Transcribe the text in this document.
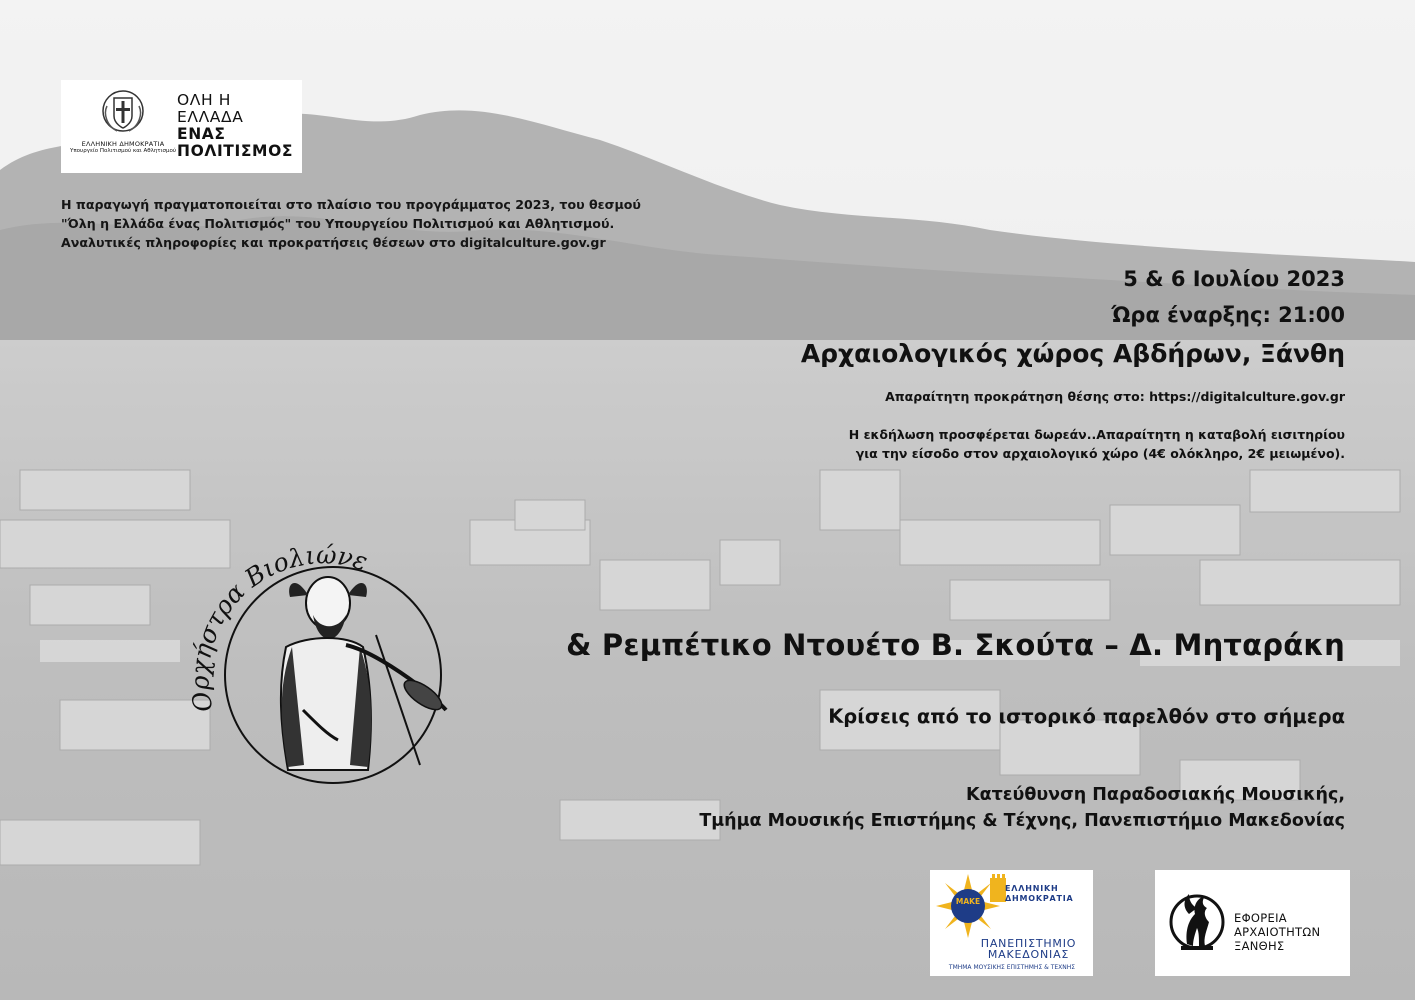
ΕΛΛΗΝΙΚΗ ΔΗΜΟΚΡΑΤΙΑ
Υπουργείο Πολιτισμού και Αθλητισμού
ΟΛΗ Η
ΕΛΛΑΔΑ
ΕΝΑΣ
ΠΟΛΙΤΙΣΜΟΣ
Η παραγωγή πραγματοποιείται στο πλαίσιο του προγράμματος 2023, του θεσμού
"Όλη η Ελλάδα ένας Πολιτισμός" του Υπουργείου Πολιτισμού και Αθλητισμού.
Αναλυτικές πληροφορίες και προκρατήσεις θέσεων στο digitalculture.gov.gr
5 & 6 Ιουλίου 2023
Ώρα έναρξης: 21:00
Αρχαιολογικός χώρος Αβδήρων, Ξάνθη
Απαραίτητη προκράτηση θέσης στο: https://digitalculture.gov.gr
Η εκδήλωση προσφέρεται δωρεάν..Απαραίτητη η καταβολή εισιτηρίου
για την είσοδο στον αρχαιολογικό χώρο (4€ ολόκληρο, 2€ μειωμένο).
Ορχήστρα Βιολιώνε
& Ρεμπέτικο Ντουέτο Β. Σκούτα – Δ. Μηταράκη
Κρίσεις από το ιστορικό παρελθόν στο σήμερα
Κατεύθυνση Παραδοσιακής Μουσικής,
Τμήμα Μουσικής Επιστήμης & Τέχνης, Πανεπιστήμιο Μακεδονίας
ΜΑΚΕ
ΕΛΛΗΝΙΚΗ
ΔΗΜΟΚΡΑΤΙΑ
ΠΑΝΕΠΙΣΤΗΜΙΟ
ΜΑΚΕΔΟΝΙΑΣ
ΤΜΗΜΑ ΜΟΥΣΙΚΗΣ ΕΠΙΣΤΗΜΗΣ & ΤΕΧΝΗΣ
ΕΦΟΡΕΙΑ
ΑΡΧΑΙΟΤΗΤΩΝ
ΞΑΝΘΗΣ
